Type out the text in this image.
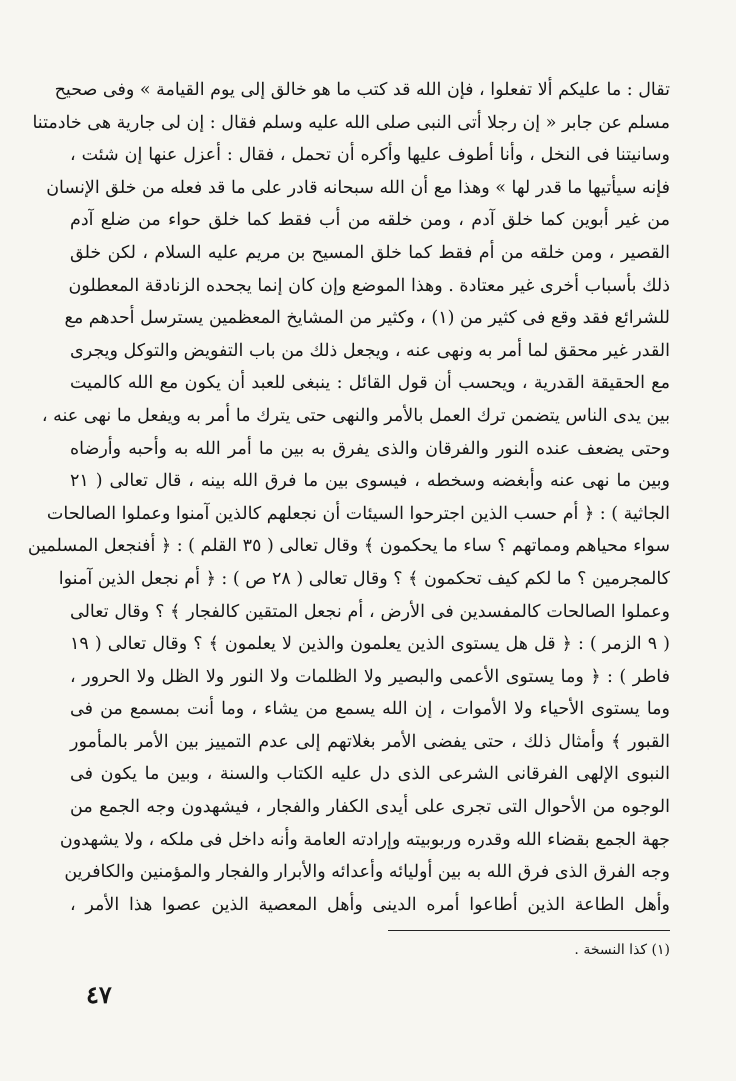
ﺗﻘﺎﻝ : ﻣﺎ ﻋﻠﻴﻜﻢ ﺃﻻ ﺗﻔﻌﻠﻮﺍ ، ﻓﺈﻥ ﺍﻟﻠﻪ ﻗﺪ ﻛﺘﺐ ﻣﺎ ﻫﻮ ﺧﺎﻟﻖ ﺇﻟﻰ ﻳﻮﻡ ﺍﻟﻘﻴﺎﻣﺔ » ﻭﻓﻰ ﺻﺤﻴﺢ
ﻣﺴﻠﻢ ﻋﻦ ﺟﺎﺑﺮ « ﺇﻥ ﺭﺟﻼ ﺃﺗﻰ ﺍﻟﻨﺒﻰ ﺻﻠﻰ ﺍﻟﻠﻪ ﻋﻠﻴﻪ ﻭﺳﻠﻢ ﻓﻘﺎﻝ : ﺇﻥ ﻟﻰ ﺟﺎﺭﻳﺔ ﻫﻰ ﺧﺎﺩﻣﺘﻨﺎ
ﻭﺳﺎﻧﻴﺘﻨﺎ ﻓﻰ ﺍﻟﻨﺨﻞ ، ﻭﺃﻧﺎ ﺃﻃﻮﻑ ﻋﻠﻴﻬﺎ ﻭﺃﻛﺮﻩ ﺃﻥ ﺗﺤﻤﻞ ، ﻓﻘﺎﻝ : ﺃﻋﺰﻝ ﻋﻨﻬﺎ ﺇﻥ ﺷﺌﺖ ،
ﻓﺈﻧﻪ ﺳﻴﺄﺗﻴﻬﺎ ﻣﺎ ﻗﺪﺭ ﻟﻬﺎ » ﻭﻫﺬﺍ ﻣﻊ ﺃﻥ ﺍﻟﻠﻪ ﺳﺒﺤﺎﻧﻪ ﻗﺎﺩﺭ ﻋﻠﻰ ﻣﺎ ﻗﺪ ﻓﻌﻠﻪ ﻣﻦ ﺧﻠﻖ ﺍﻹﻧﺴﺎﻥ
ﻣﻦ ﻏﻴﺮ ﺃﺑﻮﻳﻦ ﻛﻤﺎ ﺧﻠﻖ ﺁﺩﻡ ، ﻭﻣﻦ ﺧﻠﻘﻪ ﻣﻦ ﺃﺏ ﻓﻘﻂ ﻛﻤﺎ ﺧﻠﻖ ﺣﻮﺍﺀ ﻣﻦ ﺿﻠﻊ ﺁﺩﻡ
ﺍﻟﻘﺼﻴﺮ ، ﻭﻣﻦ ﺧﻠﻘﻪ ﻣﻦ ﺃﻡ ﻓﻘﻂ ﻛﻤﺎ ﺧﻠﻖ ﺍﻟﻤﺴﻴﺢ ﺑﻦ ﻣﺮﻳﻢ ﻋﻠﻴﻪ ﺍﻟﺴﻼﻡ ، ﻟﻜﻦ ﺧﻠﻖ
ﺫﻟﻚ ﺑﺄﺳﺒﺎﺏ ﺃﺧﺮﻯ ﻏﻴﺮ ﻣﻌﺘﺎﺩﺓ . ﻭﻫﺬﺍ ﺍﻟﻤﻮﺿﻊ ﻭﺇﻥ ﻛﺎﻥ ﺇﻧﻤﺎ ﻳﺠﺤﺪﻩ ﺍﻟﺰﻧﺎﺩﻗﺔ ﺍﻟﻤﻌﻄﻠﻮﻥ
ﻟﻠﺸﺮﺍﺋﻊ ﻓﻘﺪ ﻭﻗﻊ ﻓﻰ ﻛﺜﻴﺮ ﻣﻦ (١) ، ﻭﻛﺜﻴﺮ ﻣﻦ ﺍﻟﻤﺸﺎﻳﺦ ﺍﻟﻤﻌﻈﻤﻴﻦ ﻳﺴﺘﺮﺳﻞ ﺃﺣﺪﻫﻢ ﻣﻊ
ﺍﻟﻘﺪﺭ ﻏﻴﺮ ﻣﺤﻘﻖ ﻟﻤﺎ ﺃﻣﺮ ﺑﻪ ﻭﻧﻬﻰ ﻋﻨﻪ ، ﻭﻳﺠﻌﻞ ﺫﻟﻚ ﻣﻦ ﺑﺎﺏ ﺍﻟﺘﻔﻮﻳﺾ ﻭﺍﻟﺘﻮﻛﻞ ﻭﻳﺠﺮﻯ
ﻣﻊ ﺍﻟﺤﻘﻴﻘﺔ ﺍﻟﻘﺪﺭﻳﺔ ، ﻭﻳﺤﺴﺐ ﺃﻥ ﻗﻮﻝ ﺍﻟﻘﺎﺋﻞ : ﻳﻨﺒﻐﻰ ﻟﻠﻌﺒﺪ ﺃﻥ ﻳﻜﻮﻥ ﻣﻊ ﺍﻟﻠﻪ ﻛﺎﻟﻤﻴﺖ
ﺑﻴﻦ ﻳﺪﻯ ﺍﻟﻨﺎﺱ ﻳﺘﻀﻤﻦ ﺗﺮﻙ ﺍﻟﻌﻤﻞ ﺑﺎﻷﻣﺮ ﻭﺍﻟﻨﻬﻰ ﺣﺘﻰ ﻳﺘﺮﻙ ﻣﺎ ﺃﻣﺮ ﺑﻪ ﻭﻳﻔﻌﻞ ﻣﺎ ﻧﻬﻰ ﻋﻨﻪ ،
ﻭﺣﺘﻰ ﻳﻀﻌﻒ ﻋﻨﺪﻩ ﺍﻟﻨﻮﺭ ﻭﺍﻟﻔﺮﻗﺎﻥ ﻭﺍﻟﺬﻯ ﻳﻔﺮﻕ ﺑﻪ ﺑﻴﻦ ﻣﺎ ﺃﻣﺮ ﺍﻟﻠﻪ ﺑﻪ ﻭﺃﺣﺒﻪ ﻭﺃﺭﺿﺎﻩ
ﻭﺑﻴﻦ ﻣﺎ ﻧﻬﻰ ﻋﻨﻪ ﻭﺃﺑﻐﻀﻪ ﻭﺳﺨﻄﻪ ، ﻓﻴﺴﻮﻯ ﺑﻴﻦ ﻣﺎ ﻓﺮﻕ ﺍﻟﻠﻪ ﺑﻴﻨﻪ ، ﻗﺎﻝ ﺗﻌﺎﻟﻰ ( ٢١
ﺍﻟﺠﺎﺛﻴﺔ ) : ﴿ ﺃﻡ ﺣﺴﺐ ﺍﻟﺬﻳﻦ ﺍﺟﺘﺮﺣﻮﺍ ﺍﻟﺴﻴﺌﺎﺕ ﺃﻥ ﻧﺠﻌﻠﻬﻢ ﻛﺎﻟﺬﻳﻦ ﺁﻣﻨﻮﺍ ﻭﻋﻤﻠﻮﺍ ﺍﻟﺼﺎﻟﺤﺎﺕ
ﺳﻮﺍﺀ ﻣﺤﻴﺎﻫﻢ ﻭﻣﻤﺎﺗﻬﻢ ؟ ﺳﺎﺀ ﻣﺎ ﻳﺤﻜﻤﻮﻥ ﴾ ﻭﻗﺎﻝ ﺗﻌﺎﻟﻰ ( ٣٥ ﺍﻟﻘﻠﻢ ) : ﴿ ﺃﻓﻨﺠﻌﻞ ﺍﻟﻤﺴﻠﻤﻴﻦ
ﻛﺎﻟﻤﺠﺮﻣﻴﻦ ؟ ﻣﺎ ﻟﻜﻢ ﻛﻴﻒ ﺗﺤﻜﻤﻮﻥ ﴾ ؟ ﻭﻗﺎﻝ ﺗﻌﺎﻟﻰ ( ٢٨ ﺹ ) : ﴿ ﺃﻡ ﻧﺠﻌﻞ ﺍﻟﺬﻳﻦ ﺁﻣﻨﻮﺍ
ﻭﻋﻤﻠﻮﺍ ﺍﻟﺼﺎﻟﺤﺎﺕ ﻛﺎﻟﻤﻔﺴﺪﻳﻦ ﻓﻰ ﺍﻷﺭﺽ ، ﺃﻡ ﻧﺠﻌﻞ ﺍﻟﻤﺘﻘﻴﻦ ﻛﺎﻟﻔﺠﺎﺭ ﴾ ؟ ﻭﻗﺎﻝ ﺗﻌﺎﻟﻰ
( ٩ ﺍﻟﺰﻣﺮ ) : ﴿ ﻗﻞ ﻫﻞ ﻳﺴﺘﻮﻯ ﺍﻟﺬﻳﻦ ﻳﻌﻠﻤﻮﻥ ﻭﺍﻟﺬﻳﻦ ﻻ ﻳﻌﻠﻤﻮﻥ ﴾ ؟ ﻭﻗﺎﻝ ﺗﻌﺎﻟﻰ ( ١٩
ﻓﺎﻃﺮ ) : ﴿ ﻭﻣﺎ ﻳﺴﺘﻮﻯ ﺍﻷﻋﻤﻰ ﻭﺍﻟﺒﺼﻴﺮ ﻭﻻ ﺍﻟﻈﻠﻤﺎﺕ ﻭﻻ ﺍﻟﻨﻮﺭ ﻭﻻ ﺍﻟﻈﻞ ﻭﻻ ﺍﻟﺤﺮﻭﺭ ،
ﻭﻣﺎ ﻳﺴﺘﻮﻯ ﺍﻷﺣﻴﺎﺀ ﻭﻻ ﺍﻷﻣﻮﺍﺕ ، ﺇﻥ ﺍﻟﻠﻪ ﻳﺴﻤﻊ ﻣﻦ ﻳﺸﺎﺀ ، ﻭﻣﺎ ﺃﻧﺖ ﺑﻤﺴﻤﻊ ﻣﻦ ﻓﻰ
ﺍﻟﻘﺒﻮﺭ ﴾ ﻭﺃﻣﺜﺎﻝ ﺫﻟﻚ ، ﺣﺘﻰ ﻳﻔﻀﻰ ﺍﻷﻣﺮ ﺑﻐﻼﺗﻬﻢ ﺇﻟﻰ ﻋﺪﻡ ﺍﻟﺘﻤﻴﻴﺰ ﺑﻴﻦ ﺍﻷﻣﺮ ﺑﺎﻟﻤﺄﻣﻮﺭ
ﺍﻟﻨﺒﻮﻯ ﺍﻹﻟﻬﻰ ﺍﻟﻔﺮﻗﺎﻧﻰ ﺍﻟﺸﺮﻋﻰ ﺍﻟﺬﻯ ﺩﻝ ﻋﻠﻴﻪ ﺍﻟﻜﺘﺎﺏ ﻭﺍﻟﺴﻨﺔ ، ﻭﺑﻴﻦ ﻣﺎ ﻳﻜﻮﻥ ﻓﻰ
ﺍﻟﻮﺟﻮﻩ ﻣﻦ ﺍﻷﺣﻮﺍﻝ ﺍﻟﺘﻰ ﺗﺠﺮﻯ ﻋﻠﻰ ﺃﻳﺪﻯ ﺍﻟﻜﻔﺎﺭ ﻭﺍﻟﻔﺠﺎﺭ ، ﻓﻴﺸﻬﺪﻭﻥ ﻭﺟﻪ ﺍﻟﺠﻤﻊ ﻣﻦ
ﺟﻬﺔ ﺍﻟﺠﻤﻊ ﺑﻘﻀﺎﺀ ﺍﻟﻠﻪ ﻭﻗﺪﺭﻩ ﻭﺭﺑﻮﺑﻴﺘﻪ ﻭﺇﺭﺍﺩﺗﻪ ﺍﻟﻌﺎﻣﺔ ﻭﺃﻧﻪ ﺩﺍﺧﻞ ﻓﻰ ﻣﻠﻜﻪ ، ﻭﻻ ﻳﺸﻬﺪﻭﻥ
ﻭﺟﻪ ﺍﻟﻔﺮﻕ ﺍﻟﺬﻯ ﻓﺮﻕ ﺍﻟﻠﻪ ﺑﻪ ﺑﻴﻦ ﺃﻭﻟﻴﺎﺋﻪ ﻭﺃﻋﺪﺍﺋﻪ ﻭﺍﻷﺑﺮﺍﺭ ﻭﺍﻟﻔﺠﺎﺭ ﻭﺍﻟﻤﺆﻣﻨﻴﻦ ﻭﺍﻟﻜﺎﻓﺮﻳﻦ
ﻭﺃﻫﻞ ﺍﻟﻄﺎﻋﺔ ﺍﻟﺬﻳﻦ ﺃﻃﺎﻋﻮﺍ ﺃﻣﺮﻩ ﺍﻟﺪﻳﻨﻰ ﻭﺃﻫﻞ ﺍﻟﻤﻌﺼﻴﺔ ﺍﻟﺬﻳﻦ ﻋﺼﻮﺍ ﻫﺬﺍ ﺍﻷﻣﺮ ،
(١) كذا النسخة .
٤٧
